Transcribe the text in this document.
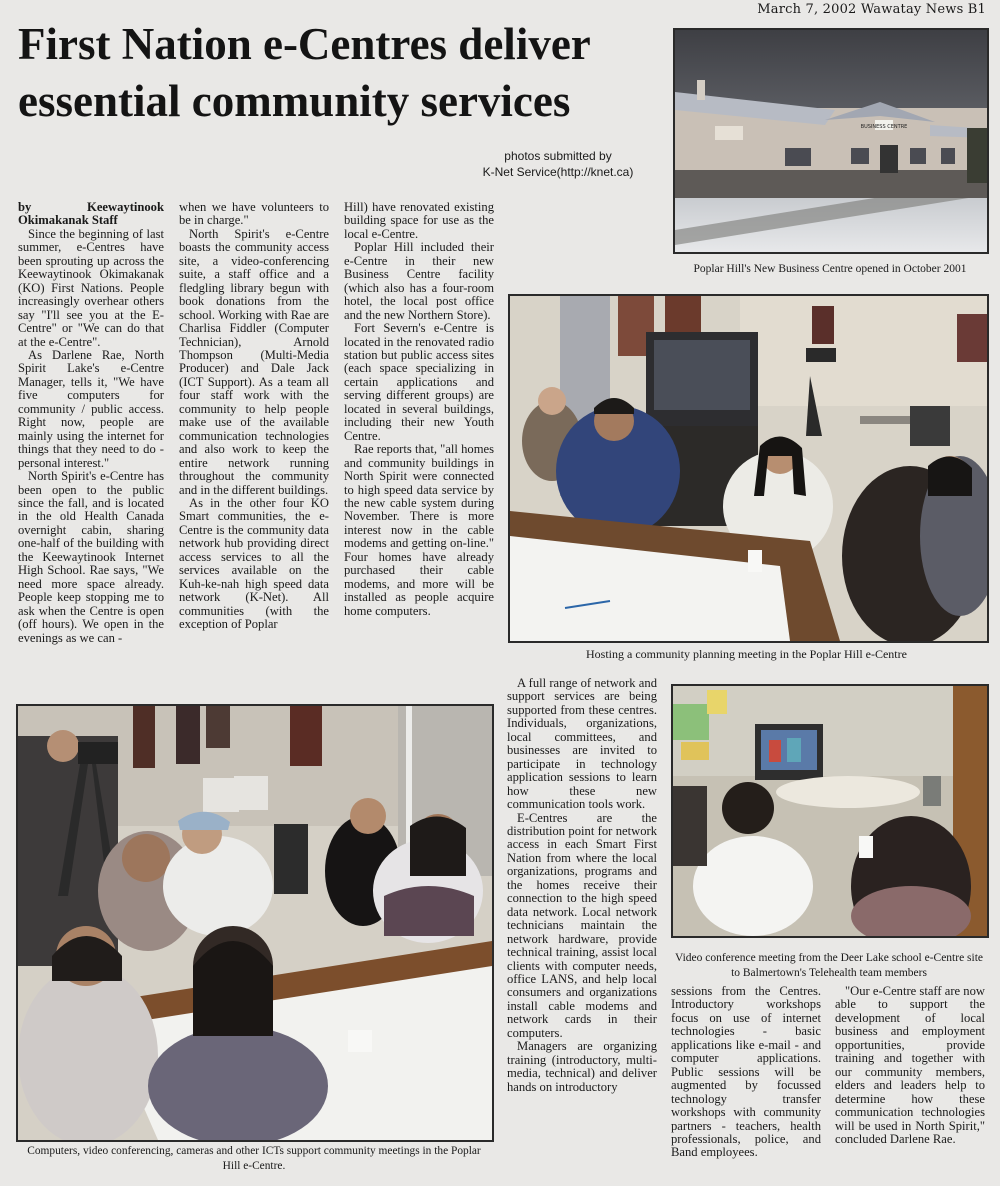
March 7, 2002 Wawatay News B1
First Nation e-Centres deliver essential community services
photos submitted by
K-Net Service(http://knet.ca)
BUSINESS CENTRE
Poplar Hill's New Business Centre opened in October 2001
Hosting a community planning meeting in the Poplar Hill e-Centre
Computers, video conferencing, cameras and other ICTs support community meetings in the Poplar Hill e-Centre.
Video conference meeting from the Deer Lake school e-Centre site to Balmertown's Telehealth team members

by Keewaytinook Okimakanak Staff

Since the beginning of last summer, e-Centres have been sprouting up across the Keewaytinook Okimakanak (KO) First Nations. People increasingly overhear others say "I'll see you at the E-Centre" or "We can do that at the e-Centre".

As Darlene Rae, North Spirit Lake's e-Centre Manager, tells it, "We have five computers for community / public access. Right now, people are mainly using the internet for things that they need to do - personal interest."

North Spirit's e-Centre has been open to the public since the fall, and is located in the old Health Canada overnight cabin, sharing one-half of the building with the Keewaytinook Internet High School. Rae says, "We need more space already. People keep stopping me to ask when the Centre is open (off hours). We open in the evenings as we can -

when we have volunteers to be in charge."

North Spirit's e-Centre boasts the community access site, a video-conferencing suite, a staff office and a fledgling library begun with book donations from the school. Working with Rae are Charlisa Fiddler (Computer Technician), Arnold Thompson (Multi-Media Producer) and Dale Jack (ICT Support). As a team all four staff work with the community to help people make use of the available communication technologies and also work to keep the entire network running throughout the community and in the different buildings.

As in the other four KO Smart communities, the e-Centre is the community data network hub providing direct access services to all the services available on the Kuh-ke-nah high speed data network (K-Net). All communities (with the exception of Poplar

Hill) have renovated existing building space for use as the local e-Centre.

Poplar Hill included their e-Centre in their new Business Centre facility (which also has a four-room hotel, the local post office and the new Northern Store).

Fort Severn's e-Centre is located in the renovated radio station but public access sites (each space specializing in certain applications and serving different groups) are located in several buildings, including their new Youth Centre.

Rae reports that, "all homes and community buildings in North Spirit were connected to high speed data service by the new cable system during November. There is more interest now in the cable modems and getting on-line." Four homes have already purchased their cable modems, and more will be installed as people acquire home computers.

A full range of network and support services are being supported from these centres. Individuals, organizations, local committees, and businesses are invited to participate in technology application sessions to learn how these new communication tools work.

E-Centres are the distribution point for network access in each Smart First Nation from where the local organizations, programs and the homes receive their connection to the high speed data network. Local network technicians maintain the network hardware, provide technical training, assist local clients with computer needs, office LANS, and help local consumers and organizations install cable modems and network cards in their computers.

Managers are organizing training (introductory, multi-media, technical) and deliver hands on introductory

sessions from the Centres. Introductory workshops focus on use of internet technologies - basic applications like e-mail - and computer applications. Public sessions will be augmented by focussed technology transfer workshops with community partners - teachers, health professionals, police, and Band employees.

"Our e-Centre staff are now able to support the development of local business and employment opportunities, provide training and together with our community members, elders and leaders help to determine how these communication technologies will be used in North Spirit," concluded Darlene Rae.
